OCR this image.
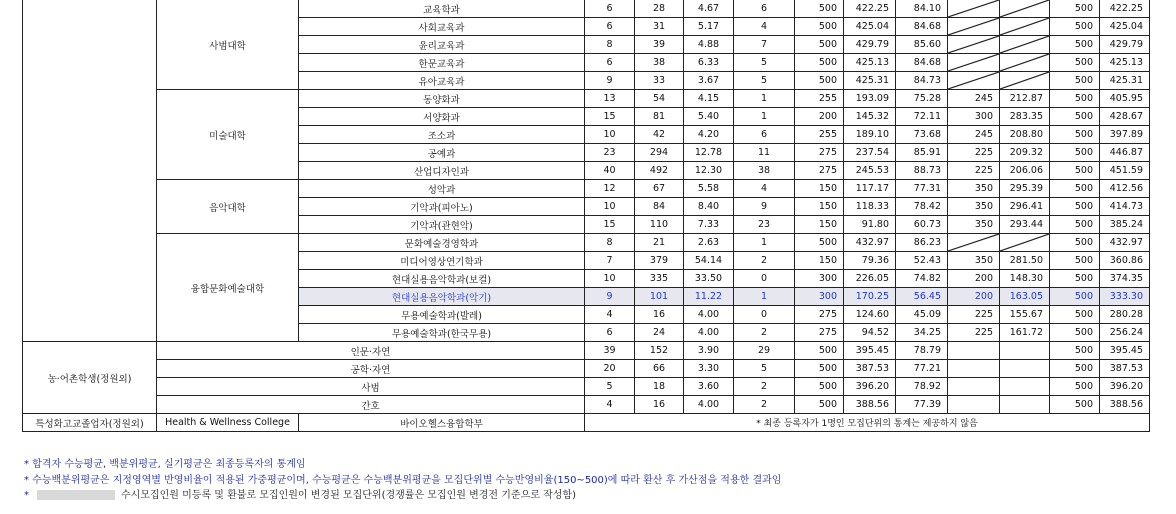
	사범대학	교육학과	6	28	4.67	6	500	422.25	84.10			500	422.25
		사회교육과	6	31	5.17	4	500	425.04	84.68			500	425.04
		윤리교육과	8	39	4.88	7	500	429.79	85.60			500	429.79
		한문교육과	6	38	6.33	5	500	425.13	84.68			500	425.13
		유아교육과	9	33	3.67	5	500	425.31	84.73			500	425.31
	미술대학	동양화과	13	54	4.15	1	255	193.09	75.28	245	212.87	500	405.95
		서양화과	15	81	5.40	1	200	145.32	72.11	300	283.35	500	428.67
		조소과	10	42	4.20	6	255	189.10	73.68	245	208.80	500	397.89
		공예과	23	294	12.78	11	275	237.54	85.91	225	209.32	500	446.87
		산업디자인과	40	492	12.30	38	275	245.53	88.73	225	206.06	500	451.59
	음악대학	성악과	12	67	5.58	4	150	117.17	77.31	350	295.39	500	412.56
		기악과(피아노)	10	84	8.40	9	150	118.33	78.42	350	296.41	500	414.73
		기악과(관현악)	15	110	7.33	23	150	91.80	60.73	350	293.44	500	385.24
	융합문화예술대학	문화예술경영학과	8	21	2.63	1	500	432.97	86.23			500	432.97
		미디어영상연기학과	7	379	54.14	2	150	79.36	52.43	350	281.50	500	360.86
		현대실용음악학과(보컬)	10	335	33.50	0	300	226.05	74.82	200	148.30	500	374.35
		현대실용음악학과(악기)	9	101	11.22	1	300	170.25	56.45	200	163.05	500	333.30
		무용예술학과(발레)	4	16	4.00	0	275	124.60	45.09	225	155.67	500	280.28
		무용예술학과(한국무용)	6	24	4.00	2	275	94.52	34.25	225	161.72	500	256.24
농·어촌학생(정원외)	인문·자연		39	152	3.90	29	500	395.45	78.79			500	395.45
	공학·자연		20	66	3.30	5	500	387.53	77.21			500	387.53
	사범		5	18	3.60	2	500	396.20	78.92			500	396.20
	간호		4	16	4.00	2	500	388.56	77.39			500	388.56
특성화고교졸업자(정원외)	Health & Wellness College	바이오헬스융합학부	* 최종 등록자가 1명인 모집단위의 통계는 제공하지 않음										
* 합격자 수능평균, 백분위평균, 실기평균은 최종등록자의 통계임
* 수능백분위평균은 지정영역별 반영비율이 적용된 가중평균이며, 수능평균은 수능백분위평균을 모집단위별 수능반영비율(150~500)에 따라 환산 후 가산점을 적용한 결과임
*	수시모집인원 미등록 및 환불로 모집인원이 변경된 모집단위(경쟁률은 모집인원 변경전 기준으로 작성함)
